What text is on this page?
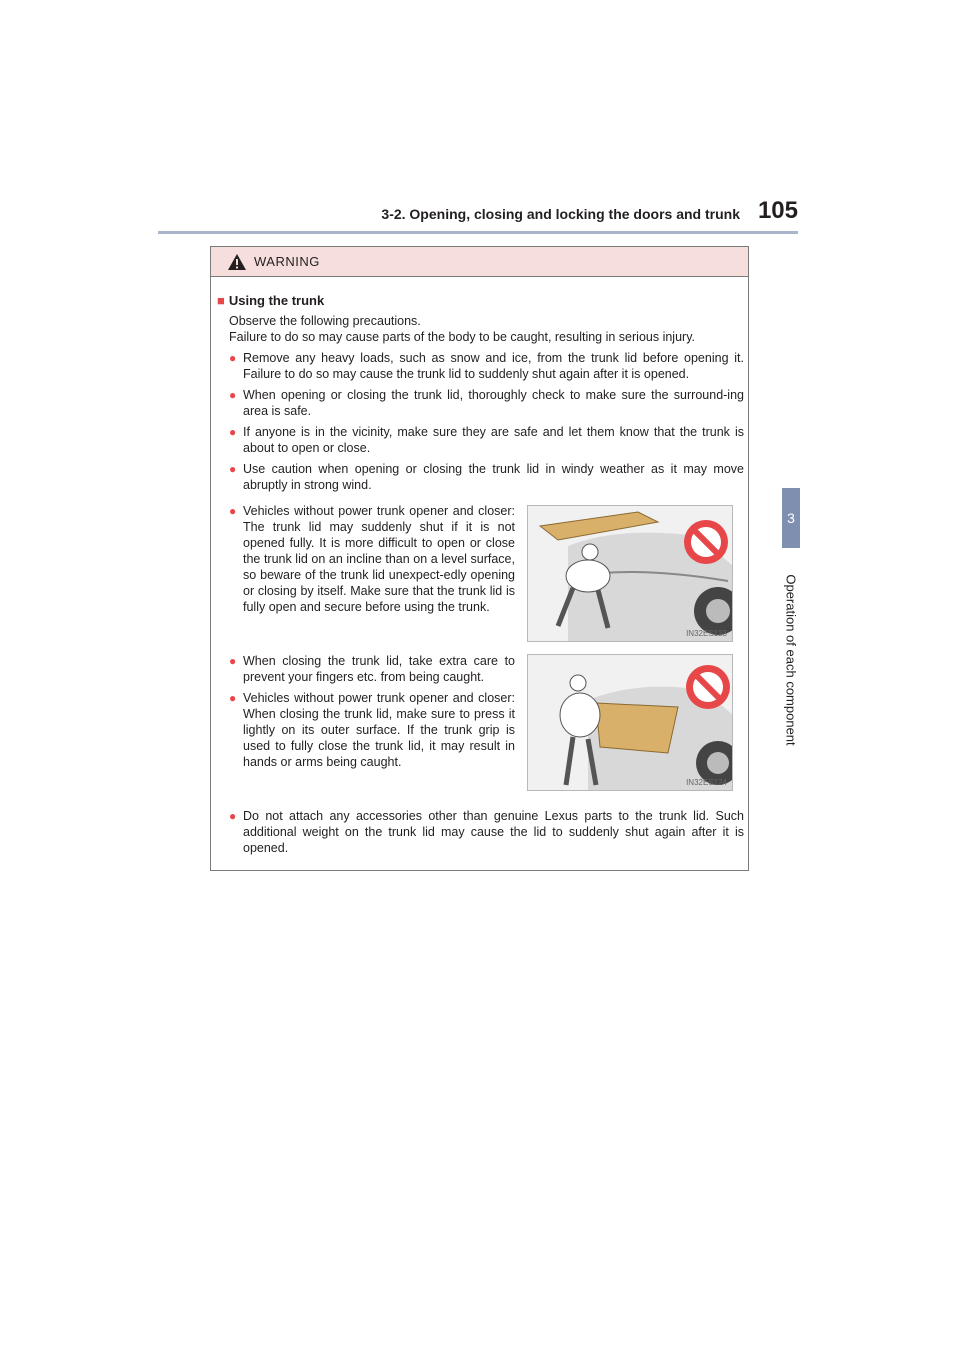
3-2. Opening, closing and locking the doors and trunk 105
3
Operation of each component
WARNING
■ Using the trunk
Observe the following precautions.
Failure to do so may cause parts of the body to be caught, resulting in serious injury.
● Remove any heavy loads, such as snow and ice, from the trunk lid before opening it. Failure to do so may cause the trunk lid to suddenly shut again after it is opened.
● When opening or closing the trunk lid, thoroughly check to make sure the surround-ing area is safe.
● If anyone is in the vicinity, make sure they are safe and let them know that the trunk is about to open or close.
● Use caution when opening or closing the trunk lid in windy weather as it may move abruptly in strong wind.
● Vehicles without power trunk opener and closer: The trunk lid may suddenly shut if it is not opened fully. It is more difficult to open or close the trunk lid on an incline than on a level surface, so beware of the trunk lid unexpect-edly opening or closing by itself. Make sure that the trunk lid is fully open and secure before using the trunk.
IN32ES123
● When closing the trunk lid, take extra care to prevent your fingers etc. from being caught.
● Vehicles without power trunk opener and closer: When closing the trunk lid, make sure to press it lightly on its outer surface. If the trunk grip is used to fully close the trunk lid, it may result in hands or arms being caught.
IN32ES124
● Do not attach any accessories other than genuine Lexus parts to the trunk lid. Such additional weight on the trunk lid may cause the lid to suddenly shut again after it is opened.
